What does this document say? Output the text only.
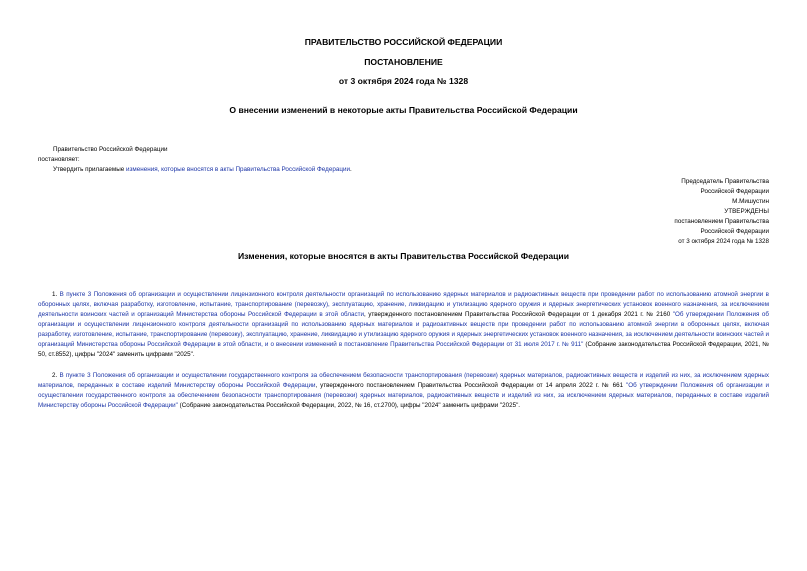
ПРАВИТЕЛЬСТВО РОССИЙСКОЙ ФЕДЕРАЦИИ
ПОСТАНОВЛЕНИЕ
от 3 октября 2024 года № 1328
О внесении изменений в некоторые акты Правительства Российской Федерации
Правительство Российской Федерации
постановляет:
Утвердить прилагаемые изменения, которые вносятся в акты Правительства Российской Федерации.
Председатель Правительства
Российской Федерации
М.Мишустин
УТВЕРЖДЕНЫ
постановлением Правительства
Российской Федерации
от 3 октября 2024 года № 1328
Изменения, которые вносятся в акты Правительства Российской Федерации
1. В пункте 3 Положения об организации и осуществлении лицензионного контроля деятельности организаций по использованию ядерных материалов и радиоактивных веществ при проведении работ по использованию атомной энергии в оборонных целях, включая разработку, изготовление, испытание, транспортирование (перевозку), эксплуатацию, хранение, ликвидацию и утилизацию ядерного оружия и ядерных энергетических установок военного назначения, за исключением деятельности воинских частей и организаций Министерства обороны Российской Федерации в этой области, утвержденного постановлением Правительства Российской Федерации от 1 декабря 2021 г. № 2160 "Об утверждении Положения об организации и осуществлении лицензионного контроля деятельности организаций по использованию ядерных материалов и радиоактивных веществ при проведении работ по использованию атомной энергии в оборонных целях, включая разработку, изготовление, испытание, транспортирование (перевозку), эксплуатацию, хранение, ликвидацию и утилизацию ядерного оружия и ядерных энергетических установок военного назначения, за исключением деятельности воинских частей и организаций Министерства обороны Российской Федерации в этой области, и о внесении изменений в постановление Правительства Российской Федерации от 31 июля 2017 г. № 911" (Собрание законодательства Российской Федерации, 2021, № 50, ст.8552), цифры "2024" заменить цифрами "2025".
2. В пункте 3 Положения об организации и осуществлении государственного контроля за обеспечением безопасности транспортирования (перевозки) ядерных материалов, радиоактивных веществ и изделий из них, за исключением ядерных материалов, переданных в составе изделий Министерству обороны Российской Федерации, утвержденного постановлением Правительства Российской Федерации от 14 апреля 2022 г. № 661 "Об утверждении Положения об организации и осуществлении государственного контроля за обеспечением безопасности транспортирования (перевозки) ядерных материалов, радиоактивных веществ и изделий из них, за исключением ядерных материалов, переданных в составе изделий Министерству обороны Российской Федерации" (Собрание законодательства Российской Федерации, 2022, № 16, ст.2700), цифры "2024" заменить цифрами "2025".
